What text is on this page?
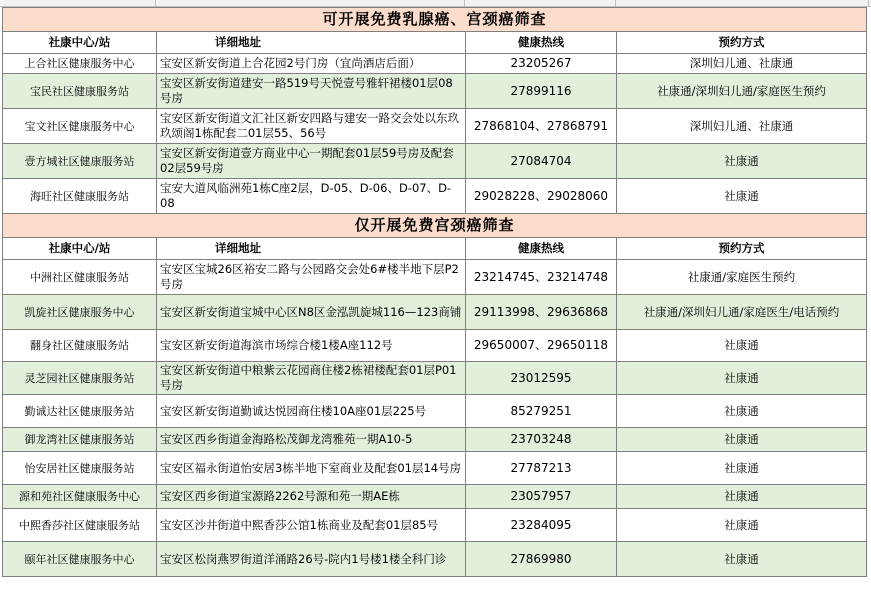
可开展免费乳腺癌、宫颈癌筛查			
社康中心/站	详细地址	健康热线	预约方式
上合社区健康服务中心	宝安区新安街道上合花园2号门房（宜尚酒店后面）	23205267	深圳妇儿通、社康通
宝民社区健康服务站	宝安区新安街道建安一路519号天悦壹号雅轩裙楼01层08号房	27899116	社康通/深圳妇儿通/家庭医生预约
宝文社区健康服务中心	宝安区新安街道文汇社区新安四路与建安一路交会处以东玖玖颂阁1栋配套二01层55、56号	27868104、27868791	深圳妇儿通、社康通
壹方城社区健康服务站	宝安区新安街道壹方商业中心一期配套01层59号房及配套02层59号房	27084704	社康通
海旺社区健康服务站	宝安大道风临洲苑1栋C座2层，D-05、D-06、D-07、D-08	29028228、29028060	社康通
仅开展免费宫颈癌筛查			
社康中心/站	详细地址	健康热线	预约方式
中洲社区健康服务站	宝安区宝城26区裕安二路与公园路交会处6#楼半地下层P2号房	23214745、23214748	社康通/家庭医生预约
凯旋社区健康服务中心	宝安区新安街道宝城中心区N8区金泓凯旋城116—123商铺	29113998、29636868	社康通/深圳妇儿通/家庭医生/电话预约
翻身社区健康服务站	宝安区新安街道海滨市场综合楼1楼A座112号	29650007、29650118	社康通
灵芝园社区健康服务站	宝安区新安街道中粮紫云花园商住楼2栋裙楼配套01层P01号房	23012595	社康通
勤诚达社区健康服务站	宝安区新安街道勤诚达悦园商住楼10A座01层225号	85279251	社康通
御龙湾社区健康服务站	宝安区西乡街道金海路松茂御龙湾雅苑一期A10-5	23703248	社康通
怡安居社区健康服务站	宝安区福永街道怡安居3栋半地下室商业及配套01层14号房	27787213	社康通
源和苑社区健康服务中心	宝安区西乡街道宝源路2262号源和苑一期AE栋	23057957	社康通
中熙香莎社区健康服务站	宝安区沙井街道中熙香莎公馆1栋商业及配套01层85号	23284095	社康通
颐年社区健康服务中心	宝安区松岗燕罗街道洋涌路26号-院内1号楼1楼全科门诊	27869980	社康通
